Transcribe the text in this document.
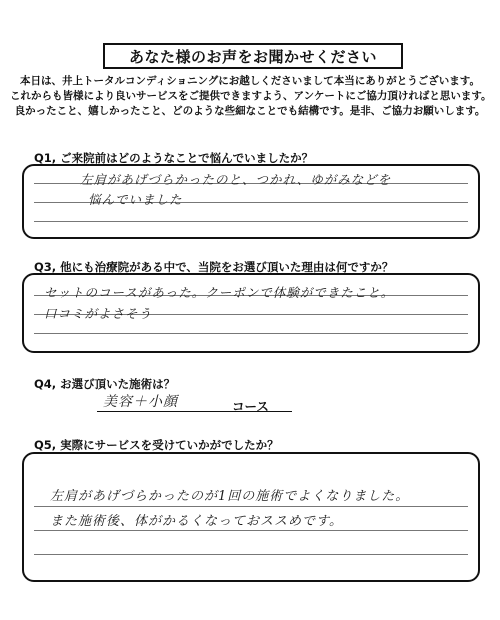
あなた様のお声をお聞かせください
本日は、井上トータルコンディショニングにお越しくださいまして本当にありがとうございます。
これからも皆様により良いサービスをご提供できますよう、アンケートにご協力頂ければと思います。
良かったこと、嬉しかったこと、どのような些細なことでも結構です。是非、ご協力お願いします。
Q1, ご来院前はどのようなことで悩んでいましたか？
左肩があげづらかったのと、つかれ、ゆがみなどを
悩んでいました
Q3, 他にも治療院がある中で、当院をお選び頂いた理由は何ですか？
セットのコースがあった。クーポンで体験ができたこと。
口コミがよさそう
Q4, お選び頂いた施術は？
美容＋小顔	コース
Q5, 実際にサービスを受けていかがでしたか？
左肩があげづらかったのが1回の施術でよくなりました。
また施術後、体がかるくなっておススめです。
